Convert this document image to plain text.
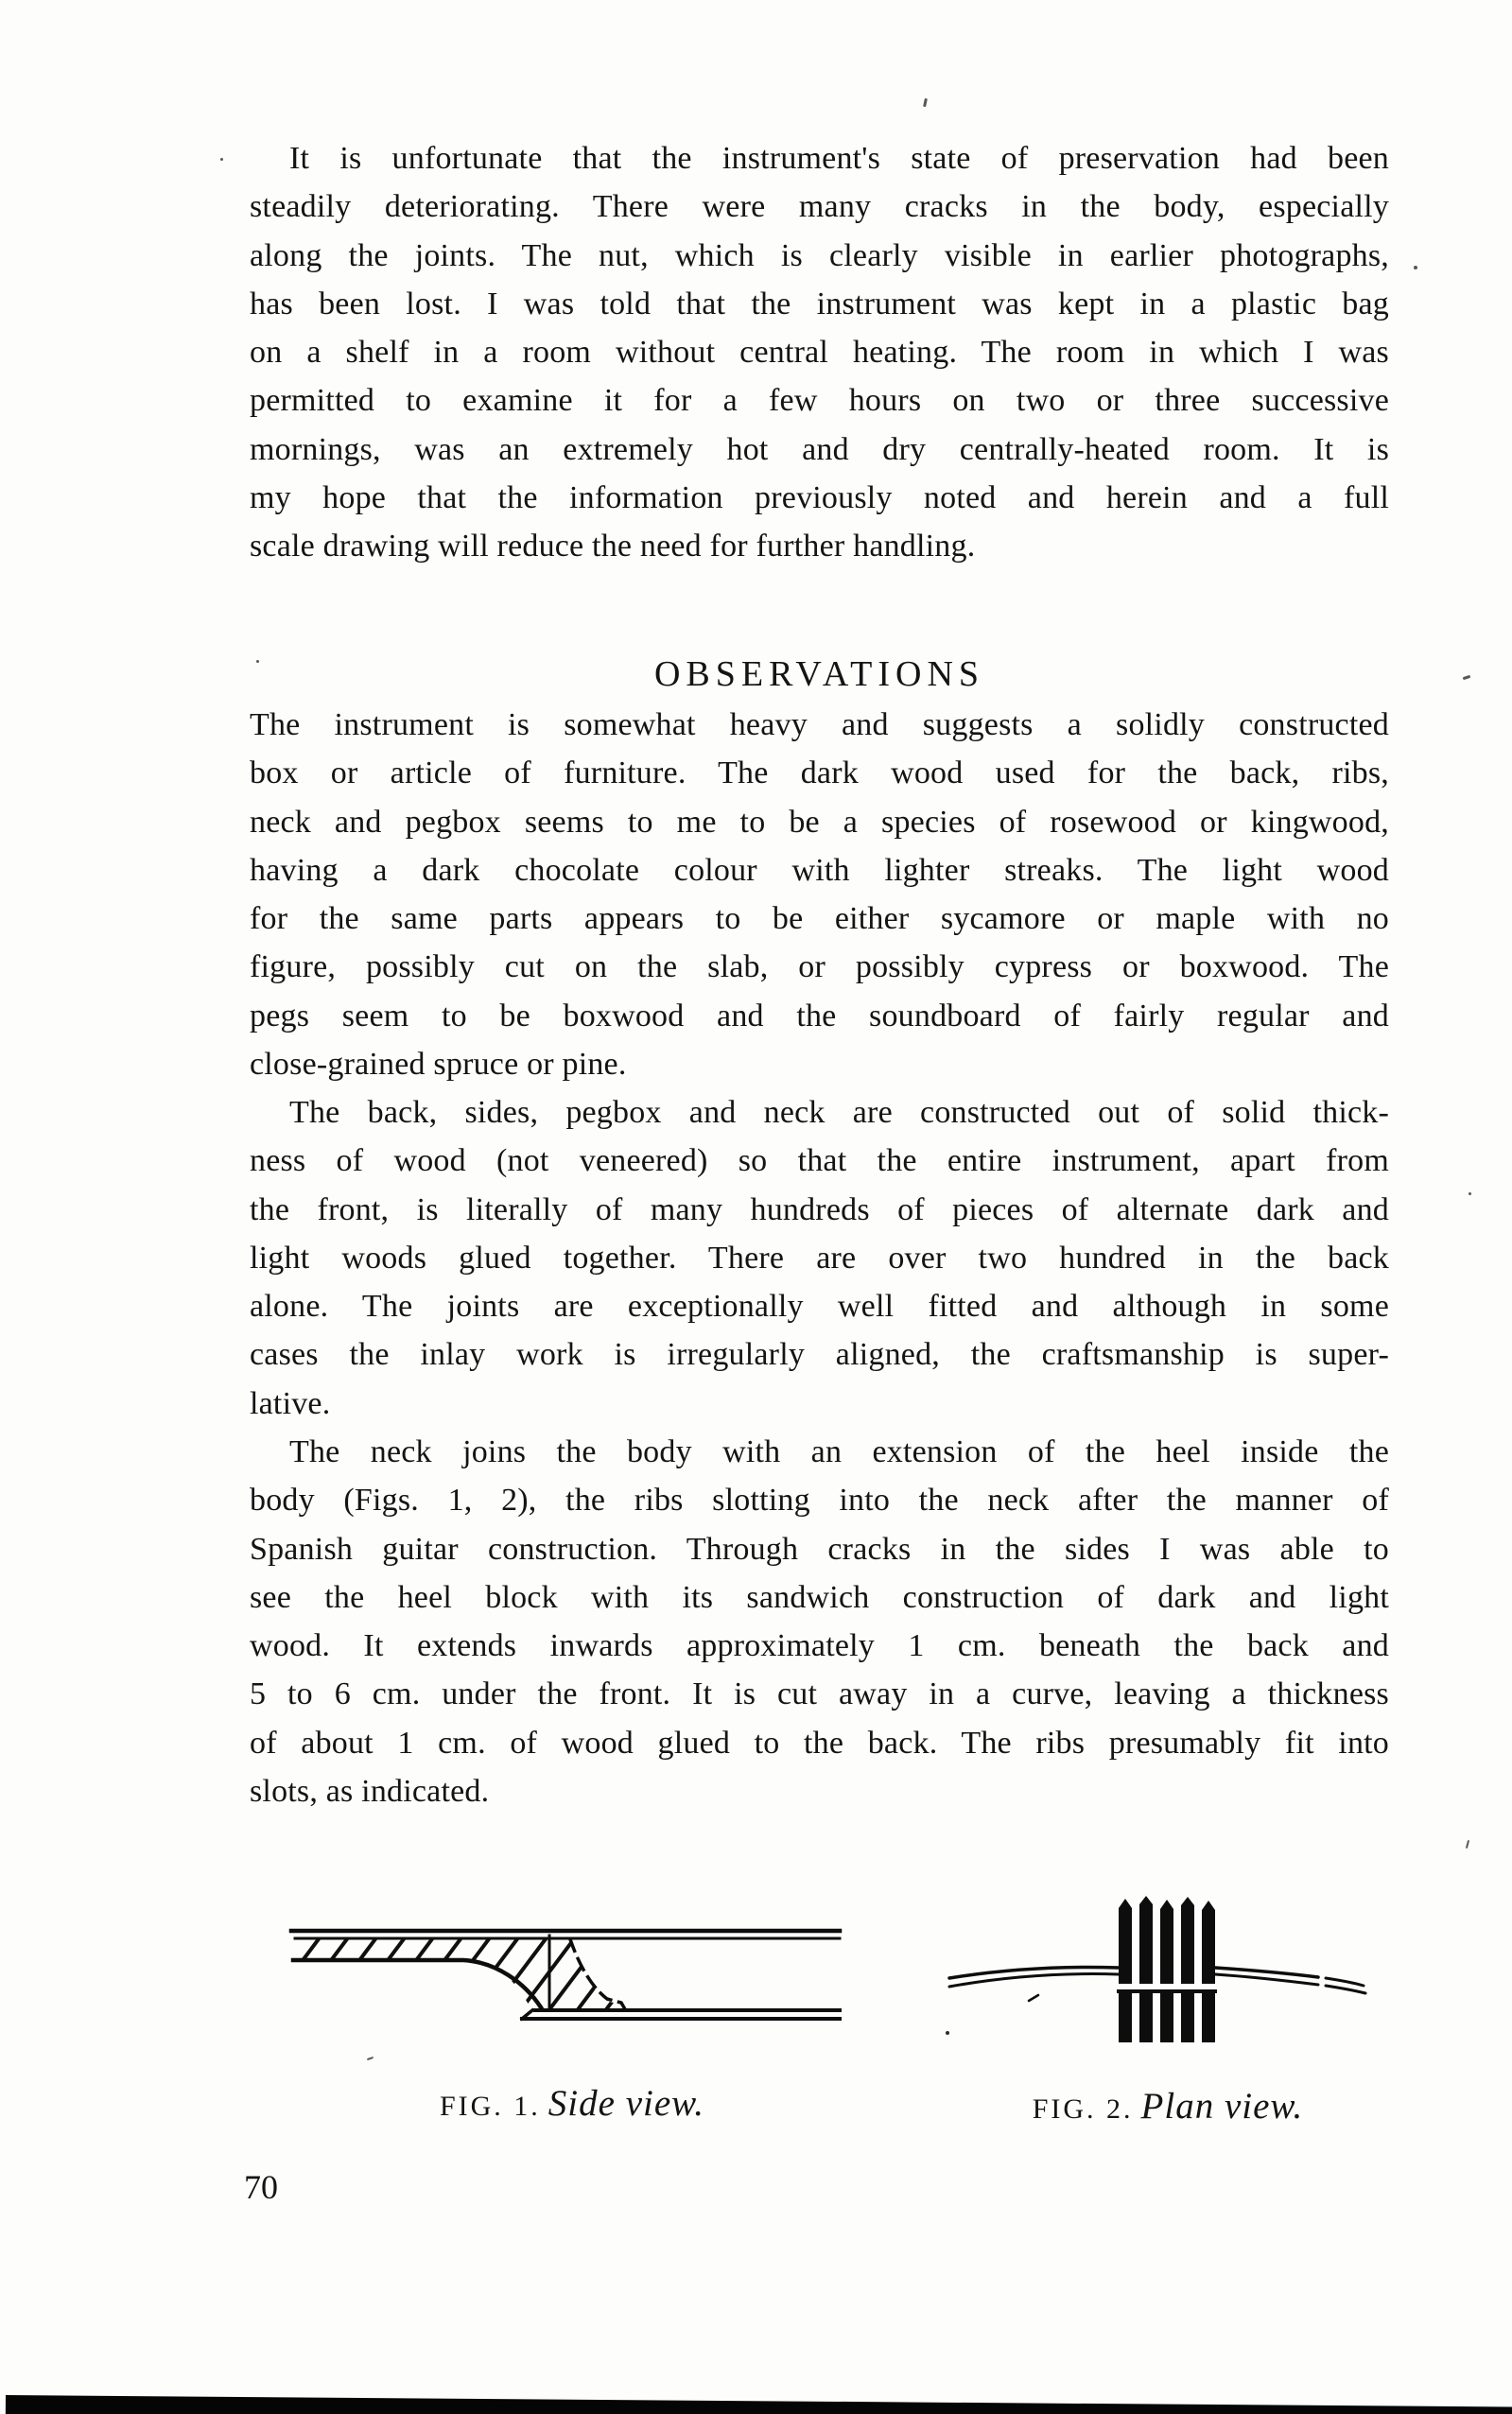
It is unfortunate that the instrument's state of preservation had been
steadily deteriorating. There were many cracks in the body, especially
along the joints. The nut, which is clearly visible in earlier photographs,
has been lost. I was told that the instrument was kept in a plastic bag
on a shelf in a room without central heating. The room in which I was
permitted to examine it for a few hours on two or three successive
mornings, was an extremely hot and dry centrally-heated room. It is
my hope that the information previously noted and herein and a full
scale drawing will reduce the need for further handling.
OBSERVATIONS
The instrument is somewhat heavy and suggests a solidly constructed
box or article of furniture. The dark wood used for the back, ribs,
neck and pegbox seems to me to be a species of rosewood or kingwood,
having a dark chocolate colour with lighter streaks. The light wood
for the same parts appears to be either sycamore or maple with no
figure, possibly cut on the slab, or possibly cypress or boxwood. The
pegs seem to be boxwood and the soundboard of fairly regular and
close-grained spruce or pine.
The back, sides, pegbox and neck are constructed out of solid thick-
ness of wood (not veneered) so that the entire instrument, apart from
the front, is literally of many hundreds of pieces of alternate dark and
light woods glued together. There are over two hundred in the back
alone. The joints are exceptionally well fitted and although in some
cases the inlay work is irregularly aligned, the craftsmanship is super-
lative.
The neck joins the body with an extension of the heel inside the
body (Figs. 1, 2), the ribs slotting into the neck after the manner of
Spanish guitar construction. Through cracks in the sides I was able to
see the heel block with its sandwich construction of dark and light
wood. It extends inwards approximately 1 cm. beneath the back and
5 to 6 cm. under the front. It is cut away in a curve, leaving a thickness
of about 1 cm. of wood glued to the back. The ribs presumably fit into
slots, as indicated.
FIG. 1. Side view.	FIG. 2. Plan view.
70
